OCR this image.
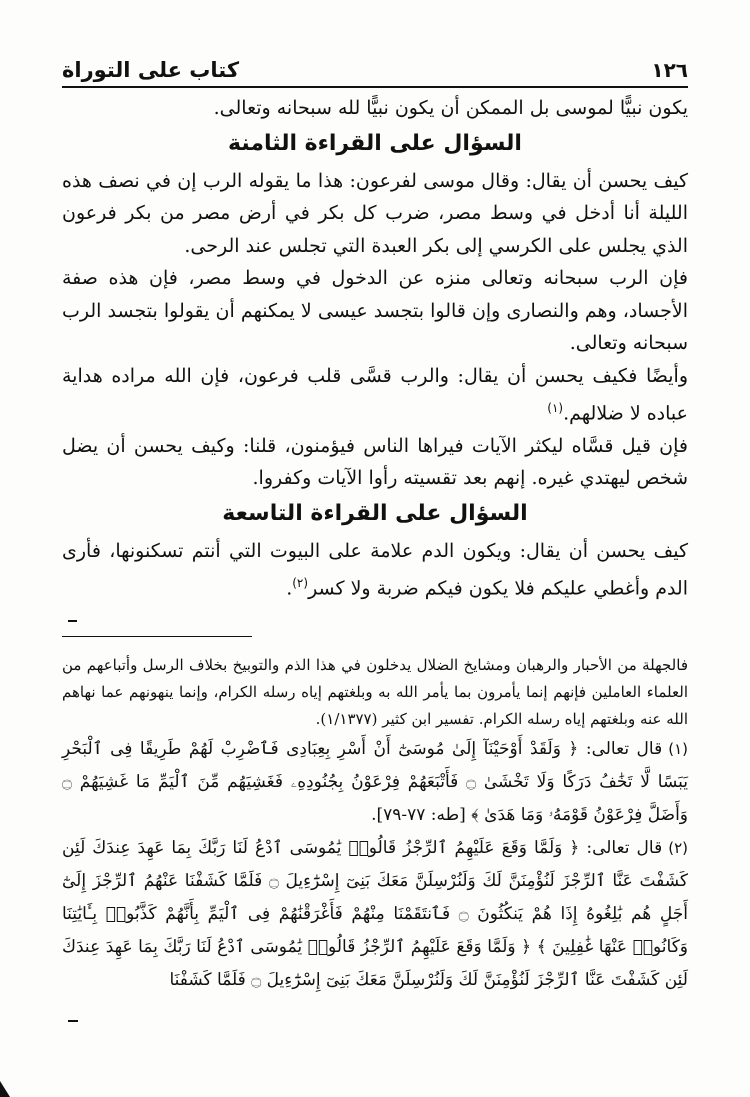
١٢٦
كتاب على التوراة

يكون نبيًّا لموسى بل الممكن أن يكون نبيًّا لله سبحانه وتعالى.

السؤال على القراءة الثامنة

كيف يحسن أن يقال: وقال موسى لفرعون: هذا ما يقوله الرب إن في نصف هذه الليلة أنا أدخل في وسط مصر، ضرب كل بكر في أرض مصر من بكر فرعون الذي يجلس على الكرسي إلى بكر العبدة التي تجلس عند الرحى.

فإن الرب سبحانه وتعالى منزه عن الدخول في وسط مصر، فإن هذه صفة الأجساد، وهم والنصارى وإن قالوا بتجسد عيسى لا يمكنهم أن يقولوا بتجسد الرب سبحانه وتعالى.

وأيضًا فكيف يحسن أن يقال: والرب قسَّى قلب فرعون، فإن الله مراده هداية عباده لا ضلالهم.$^{(١)}$

فإن قيل قسَّاه ليكثر الآيات فيراها الناس فيؤمنون، قلنا: وكيف يحسن أن يضل شخص ليهتدي غيره. إنهم بعد تقسيته رأوا الآيات وكفروا.

السؤال على القراءة التاسعة

كيف يحسن أن يقال: ويكون الدم علامة على البيوت التي أنتم تسكنونها، فأرى الدم وأغطي عليكم فلا يكون فيكم ضربة ولا كسر$^{(٢)}$.

فالجهلة من الأحبار والرهبان ومشايخ الضلال يدخلون في هذا الذم والتوبيخ بخلاف الرسل وأتباعهم من العلماء العاملين فإنهم إنما يأمرون بما يأمر الله به وبلغتهم إياه رسله الكرام، وإنما ينهونهم عما نهاهم الله عنه وبلغتهم إياه رسله الكرام. تفسير ابن كثير (١/١٣٧٧).

(١)قال تعالى: ﴿ وَلَقَدْ أَوْحَيْنَآ إِلَىٰ مُوسَىٰٓ أَنْ أَسْرِ بِعِبَادِى فَٱضْرِبْ لَهُمْ طَرِيقًا فِى ٱلْبَحْرِ يَبَسًا لَّا تَخَٰفُ دَرَكًا وَلَا تَخْشَىٰ ۝ فَأَتْبَعَهُمْ فِرْعَوْنُ بِجُنُودِهِۦ فَغَشِيَهُم مِّنَ ٱلْيَمِّ مَا غَشِيَهُمْ ۝ وَأَضَلَّ فِرْعَوْنُ قَوْمَهُۥ وَمَا هَدَىٰ ﴾ [طه: ٧٧-٧٩].

(٢)قال تعالى: ﴿ وَلَمَّا وَقَعَ عَلَيْهِمُ ٱلرِّجْزُ قَالُوا۟ يَٰمُوسَى ٱدْعُ لَنَا رَبَّكَ بِمَا عَهِدَ عِندَكَ لَئِن كَشَفْتَ عَنَّا ٱلرِّجْزَ لَنُؤْمِنَنَّ لَكَ وَلَنُرْسِلَنَّ مَعَكَ بَنِىٓ إِسْرَٰٓءِيلَ ۝ فَلَمَّا كَشَفْنَا عَنْهُمُ ٱلرِّجْزَ إِلَىٰٓ أَجَلٍ هُم بَٰلِغُوهُ إِذَا هُمْ يَنكُثُونَ ۝ فَٱنتَقَمْنَا مِنْهُمْ فَأَغْرَقْنَٰهُمْ فِى ٱلْيَمِّ بِأَنَّهُمْ كَذَّبُوا۟ بِـَٔايَٰتِنَا وَكَانُوا۟ عَنْهَا غَٰفِلِينَ ﴾ ﴿ وَلَمَّا وَقَعَ عَلَيْهِمُ ٱلرِّجْزُ قَالُوا۟ يَٰمُوسَى ٱدْعُ لَنَا رَبَّكَ بِمَا عَهِدَ عِندَكَ لَئِن كَشَفْتَ عَنَّا ٱلرِّجْزَ لَنُؤْمِنَنَّ لَكَ وَلَنُرْسِلَنَّ مَعَكَ بَنِىٓ إِسْرَٰٓءِيلَ ۝ فَلَمَّا كَشَفْنَا
